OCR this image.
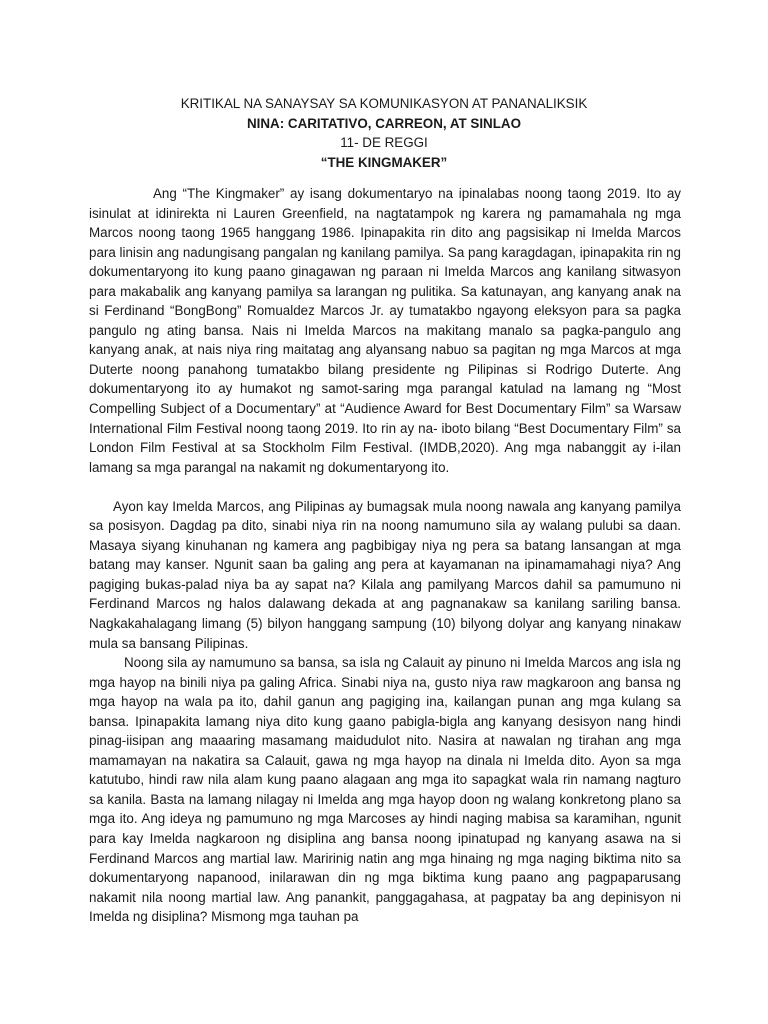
KRITIKAL NA SANAYSAY SA KOMUNIKASYON AT PANANALIKSIK
NINA: CARITATIVO, CARREON, AT SINLAO
11- DE REGGI
“THE KINGMAKER”

Ang “The Kingmaker” ay isang dokumentaryo na ipinalabas noong taong 2019. Ito ay isinulat at idinirekta ni Lauren Greenfield, na nagtatampok ng karera ng pamamahala ng mga Marcos noong taong 1965 hanggang 1986. Ipinapakita rin dito ang pagsisikap ni Imelda Marcos para linisin ang nadungisang pangalan ng kanilang pamilya. Sa pang karagdagan, ipinapakita rin ng dokumentaryong ito kung paano ginagawan ng paraan ni Imelda Marcos ang kanilang sitwasyon para makabalik ang kanyang pamilya sa larangan ng pulitika. Sa katunayan, ang kanyang anak na si Ferdinand “BongBong” Romualdez Marcos Jr. ay tumatakbo ngayong eleksyon para sa pagka pangulo ng ating bansa. Nais ni Imelda Marcos na makitang manalo sa pagka-pangulo ang kanyang anak, at nais niya ring maitatag ang alyansang nabuo sa pagitan ng mga Marcos at mga Duterte noong panahong tumatakbo bilang presidente ng Pilipinas si Rodrigo Duterte. Ang dokumentaryong ito ay humakot ng samot-saring mga parangal katulad na lamang ng “Most Compelling Subject of a Documentary” at “Audience Award for Best Documentary Film” sa Warsaw International Film Festival noong taong 2019. Ito rin ay na- iboto bilang “Best Documentary Film” sa London Film Festival at sa Stockholm Film Festival. (IMDB,2020). Ang mga nabanggit ay i-ilan lamang sa mga parangal na nakamit ng dokumentaryong ito.

Ayon kay Imelda Marcos, ang Pilipinas ay bumagsak mula noong nawala ang kanyang pamilya sa posisyon. Dagdag pa dito, sinabi niya rin na noong namumuno sila ay walang pulubi sa daan. Masaya siyang kinuhanan ng kamera ang pagbibigay niya ng pera sa batang lansangan at mga batang may kanser. Ngunit saan ba galing ang pera at kayamanan na ipinamamahagi niya? Ang pagiging bukas-palad niya ba ay sapat na? Kilala ang pamilyang Marcos dahil sa pamumuno ni Ferdinand Marcos ng halos dalawang dekada at ang pagnanakaw sa kanilang sariling bansa. Nagkakahalagang limang (5) bilyon hanggang sampung (10) bilyong dolyar ang kanyang ninakaw mula sa bansang Pilipinas.

Noong sila ay namumuno sa bansa, sa isla ng Calauit ay pinuno ni Imelda Marcos ang isla ng mga hayop na binili niya pa galing Africa. Sinabi niya na, gusto niya raw magkaroon ang bansa ng mga hayop na wala pa ito, dahil ganun ang pagiging ina, kailangan punan ang mga kulang sa bansa. Ipinapakita lamang niya dito kung gaano pabigla-bigla ang kanyang desisyon nang hindi pinag-iisipan ang maaaring masamang maidudulot nito. Nasira at nawalan ng tirahan ang mga mamamayan na nakatira sa Calauit, gawa ng mga hayop na dinala ni Imelda dito. Ayon sa mga katutubo, hindi raw nila alam kung paano alagaan ang mga ito sapagkat wala rin namang nagturo sa kanila. Basta na lamang nilagay ni Imelda ang mga hayop doon ng walang konkretong plano sa mga ito. Ang ideya ng pamumuno ng mga Marcoses ay hindi naging mabisa sa karamihan, ngunit para kay Imelda nagkaroon ng disiplina ang bansa noong ipinatupad ng kanyang asawa na si Ferdinand Marcos ang martial law. Maririnig natin ang mga hinaing ng mga naging biktima nito sa dokumentaryong napanood, inilarawan din ng mga biktima kung paano ang pagpaparusang nakamit nila noong martial law. Ang panankit, panggagahasa, at pagpatay ba ang depinisyon ni Imelda ng disiplina? Mismong mga tauhan pa
